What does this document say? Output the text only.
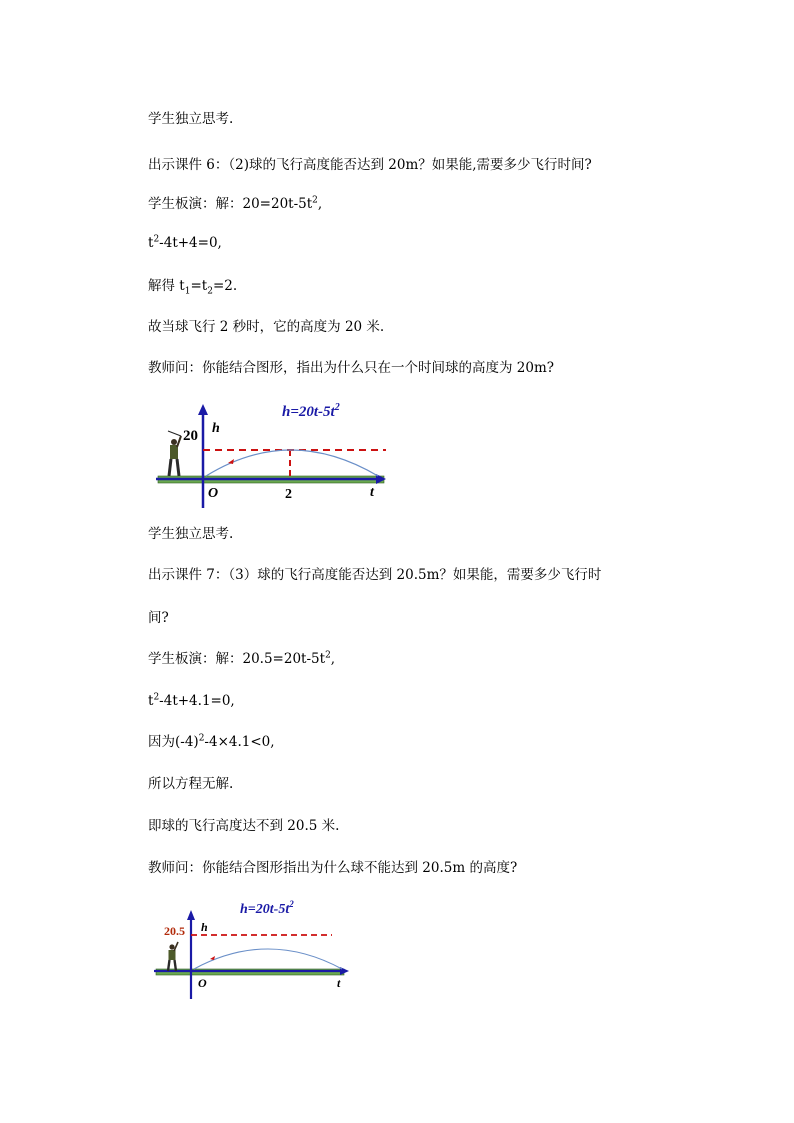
学生独立思考.
出示课件 6：（2)球的飞行高度能否达到 20m？如果能,需要多少飞行时间?
学生板演：解：$20=20t-5t^2$,
$t^2-4t+4=0$,
解得 $t_1=t_2=2$.
故当球飞行 2 秒时，它的高度为 20 米.
教师问：你能结合图形，指出为什么只在一个时间球的高度为 20m?
20 h
O	2	t
$h=20t-5t^2$
学生独立思考.
出示课件 7：（3）球的飞行高度能否达到 20.5m？如果能，需要多少飞行时
间?
学生板演：解：$20.5=20t-5t^2$,
$t^2-4t+4.1=0$,
因为$(-4)^2-4\times 4.1<0$,
所以方程无解.
即球的飞行高度达不到 20.5 米.
教师问：你能结合图形指出为什么球不能达到 20.5m 的高度?
20.5 h
O	t
$h=20t-5t^2$
